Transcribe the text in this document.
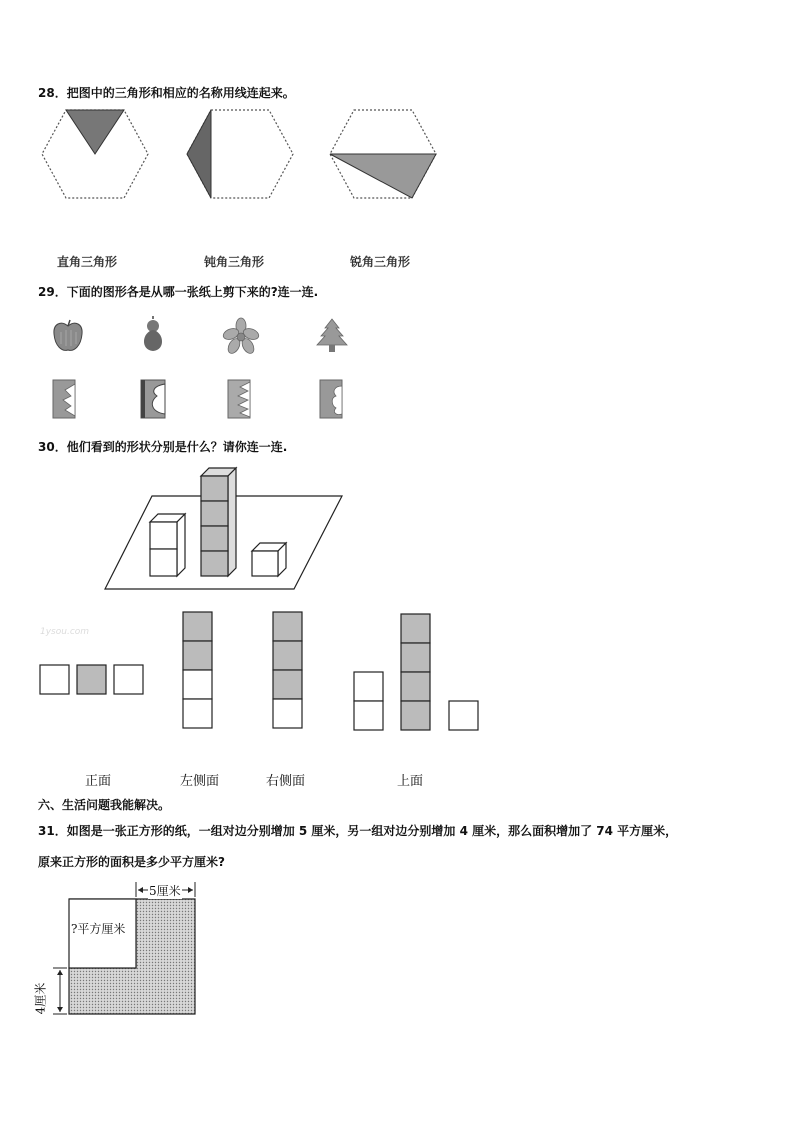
28．把图中的三角形和相应的名称用线连起来。
直角三角形	钝角三角形	锐角三角形
29．下面的图形各是从哪一张纸上剪下来的?连一连.
30．他们看到的形状分别是什么？请你连一连.
1ysou.com
正面	左侧面	右侧面	上面
六、生活问题我能解决。
31．如图是一张正方形的纸，一组对边分别增加 5 厘米，另一组对边分别增加 4 厘米，那么面积增加了 74 平方厘米，
原来正方形的面积是多少平方厘米?
5厘米
?平方厘米
4厘米
